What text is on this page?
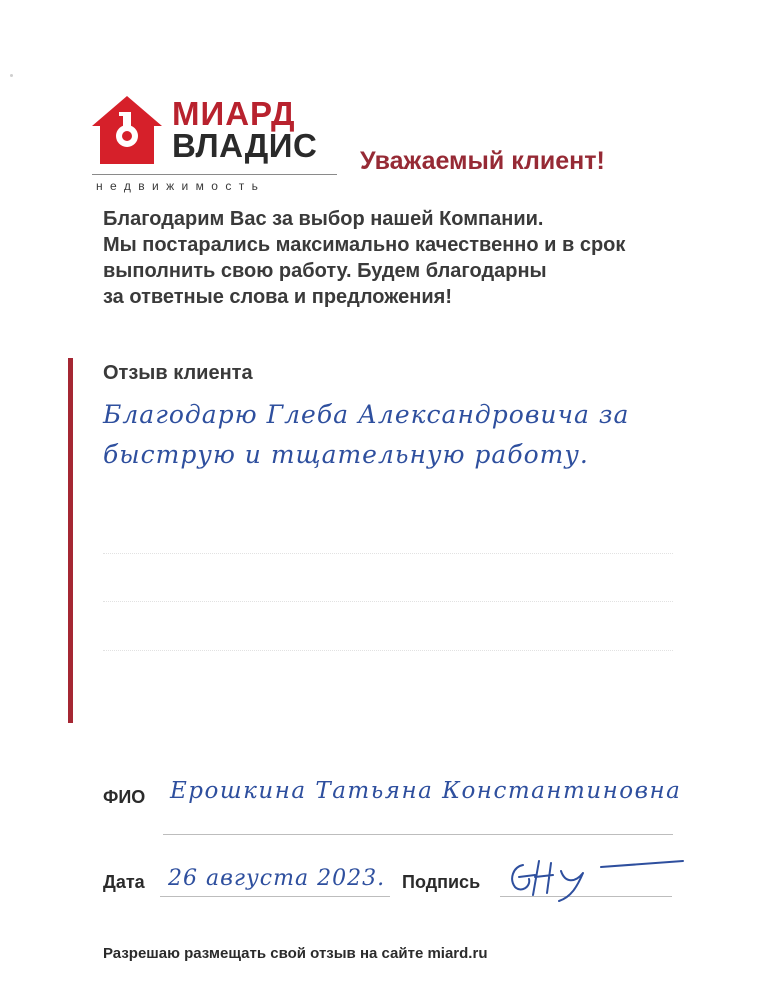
МИАРД
ВЛАДИС
недвижимость
Уважаемый клиент!
Благодарим Вас за выбор нашей Компании.
Мы постарались максимально качественно и в срок
выполнить свою работу. Будем благодарны
за ответные слова и предложения!
Отзыв клиента
Благодарю Глеба Александровича за
быструю и тщательную работу.
ФИО Ерошкина Татьяна Константиновна
Дата 26 августа 2023. Подпись
Разрешаю размещать свой отзыв на сайте miard.ru
